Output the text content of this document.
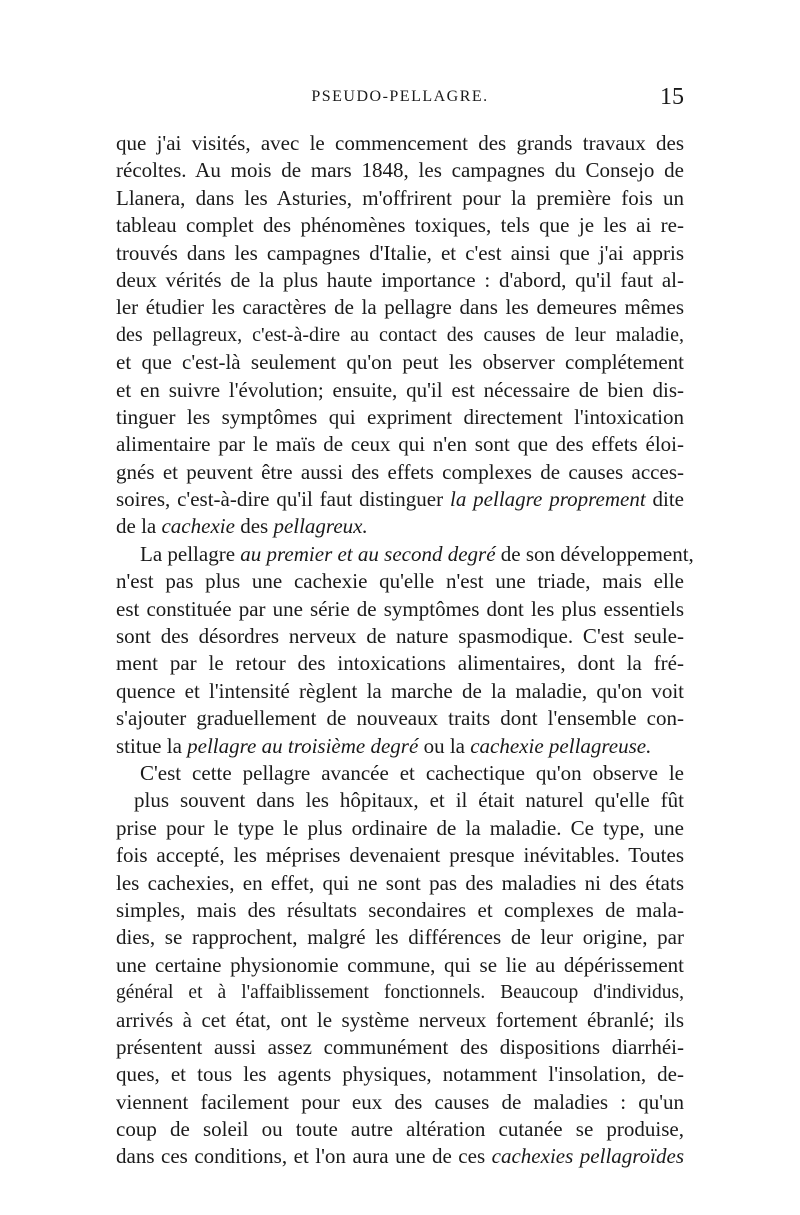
PSEUDO-PELLAGRE.	15
que j'ai visités, avec le commencement des grands travaux des
récoltes. Au mois de mars 1848, les campagnes du Consejo de
Llanera, dans les Asturies, m'offrirent pour la première fois un
tableau complet des phénomènes toxiques, tels que je les ai re-
trouvés dans les campagnes d'Italie, et c'est ainsi que j'ai appris
deux vérités de la plus haute importance : d'abord, qu'il faut al-
ler étudier les caractères de la pellagre dans les demeures mêmes
des pellagreux, c'est-à-dire au contact des causes de leur maladie,
et que c'est-là seulement qu'on peut les observer complétement
et en suivre l'évolution; ensuite, qu'il est nécessaire de bien dis-
tinguer les symptômes qui expriment directement l'intoxication
alimentaire par le maïs de ceux qui n'en sont que des effets éloi-
gnés et peuvent être aussi des effets complexes de causes acces-
soires, c'est-à-dire qu'il faut distinguer la pellagre proprement dite
de la cachexie des pellagreux.
La pellagre au premier et au second degré de son développement,
n'est pas plus une cachexie qu'elle n'est une triade, mais elle
est constituée par une série de symptômes dont les plus essentiels
sont des désordres nerveux de nature spasmodique. C'est seule-
ment par le retour des intoxications alimentaires, dont la fré-
quence et l'intensité règlent la marche de la maladie, qu'on voit
s'ajouter graduellement de nouveaux traits dont l'ensemble con-
stitue la pellagre au troisième degré ou la cachexie pellagreuse.
C'est cette pellagre avancée et cachectique qu'on observe le
plus souvent dans les hôpitaux, et il était naturel qu'elle fût
prise pour le type le plus ordinaire de la maladie. Ce type, une
fois accepté, les méprises devenaient presque inévitables. Toutes
les cachexies, en effet, qui ne sont pas des maladies ni des états
simples, mais des résultats secondaires et complexes de mala-
dies, se rapprochent, malgré les différences de leur origine, par
une certaine physionomie commune, qui se lie au dépérissement
général et à l'affaiblissement fonctionnels. Beaucoup d'individus,
arrivés à cet état, ont le système nerveux fortement ébranlé; ils
présentent aussi assez communément des dispositions diarrhéi-
ques, et tous les agents physiques, notamment l'insolation, de-
viennent facilement pour eux des causes de maladies : qu'un
coup de soleil ou toute autre altération cutanée se produise,
dans ces conditions, et l'on aura une de ces cachexies pellagroïdes
